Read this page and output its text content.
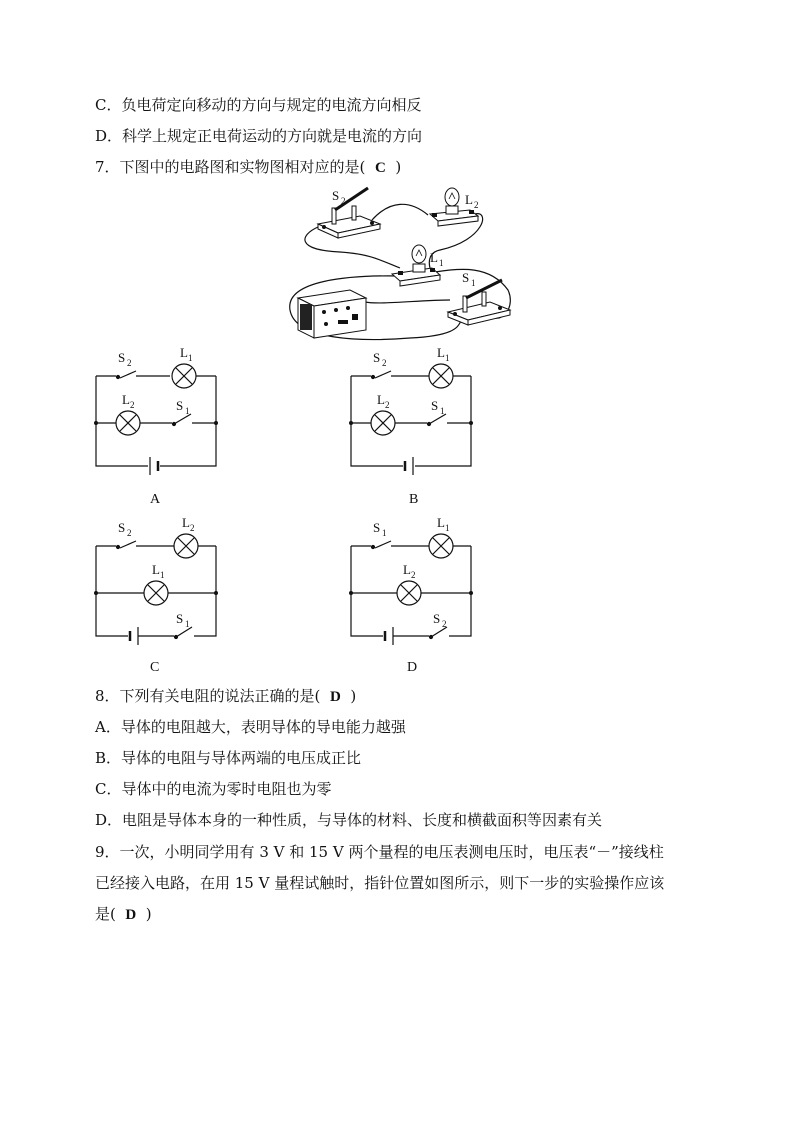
C．负电荷定向移动的方向与规定的电流方向相反
D．科学上规定正电荷运动的方向就是电流的方向
7．下图中的电路图和实物图相对应的是( C )
S 2	L 2
L 1
S 1
S 2
L 1
L 2	S 1
A
S 2
L 1
L 2	S 1
B
S 2
L 2
L 1
S 1
C
S 1
L 1
L 2
S 2
D
8．下列有关电阻的说法正确的是( D )
A．导体的电阻越大，表明导体的导电能力越强
B．导体的电阻与导体两端的电压成正比
C．导体中的电流为零时电阻也为零
D．电阻是导体本身的一种性质，与导体的材料、长度和横截面积等因素有关
9．一次，小明同学用有 3 V 和 15 V 两个量程的电压表测电压时，电压表“－”接线柱
已经接入电路，在用 15 V 量程试触时，指针位置如图所示，则下一步的实验操作应该
是( D )
